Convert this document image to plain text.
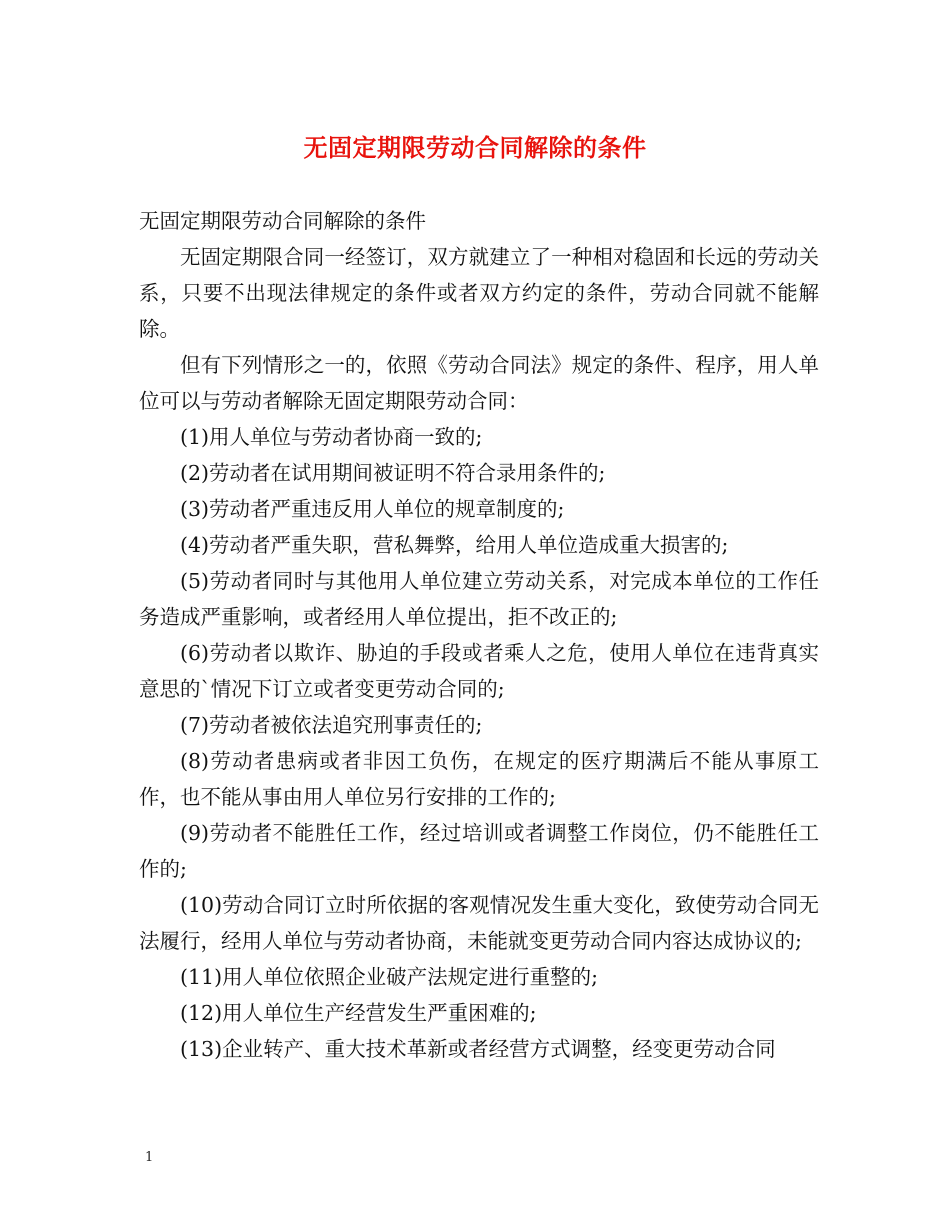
无固定期限劳动合同解除的条件

无固定期限劳动合同解除的条件

无固定期限合同一经签订，双方就建立了一种相对稳固和长远的劳动关系，只要不出现法律规定的条件或者双方约定的条件，劳动合同就不能解除。

但有下列情形之一的，依照《劳动合同法》规定的条件、程序，用人单位可以与劳动者解除无固定期限劳动合同：

(1)用人单位与劳动者协商一致的;

(2)劳动者在试用期间被证明不符合录用条件的;

(3)劳动者严重违反用人单位的规章制度的;

(4)劳动者严重失职，营私舞弊，给用人单位造成重大损害的;

(5)劳动者同时与其他用人单位建立劳动关系，对完成本单位的工作任务造成严重影响，或者经用人单位提出，拒不改正的;

(6)劳动者以欺诈、胁迫的手段或者乘人之危，使用人单位在违背真实意思的`情况下订立或者变更劳动合同的;

(7)劳动者被依法追究刑事责任的;

(8)劳动者患病或者非因工负伤，在规定的医疗期满后不能从事原工作，也不能从事由用人单位另行安排的工作的;

(9)劳动者不能胜任工作，经过培训或者调整工作岗位，仍不能胜任工作的;

(10)劳动合同订立时所依据的客观情况发生重大变化，致使劳动合同无法履行，经用人单位与劳动者协商，未能就变更劳动合同内容达成协议的;

(11)用人单位依照企业破产法规定进行重整的;

(12)用人单位生产经营发生严重困难的;

(13)企业转产、重大技术革新或者经营方式调整，经变更劳动合同

1
